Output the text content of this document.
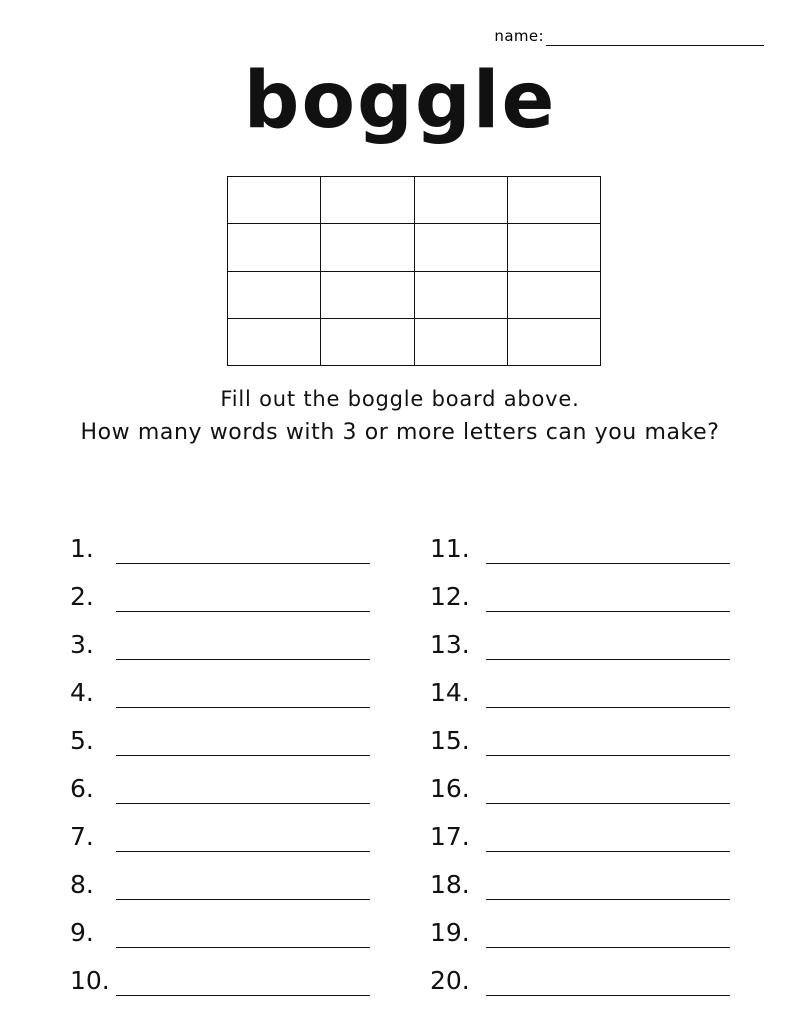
name:
boggle
Fill out the boggle board above.
How many words with 3 or more letters can you make?
1.
2.
3.
4.
5.
6.
7.
8.
9.
10.
11.
12.
13.
14.
15.
16.
17.
18.
19.
20.
